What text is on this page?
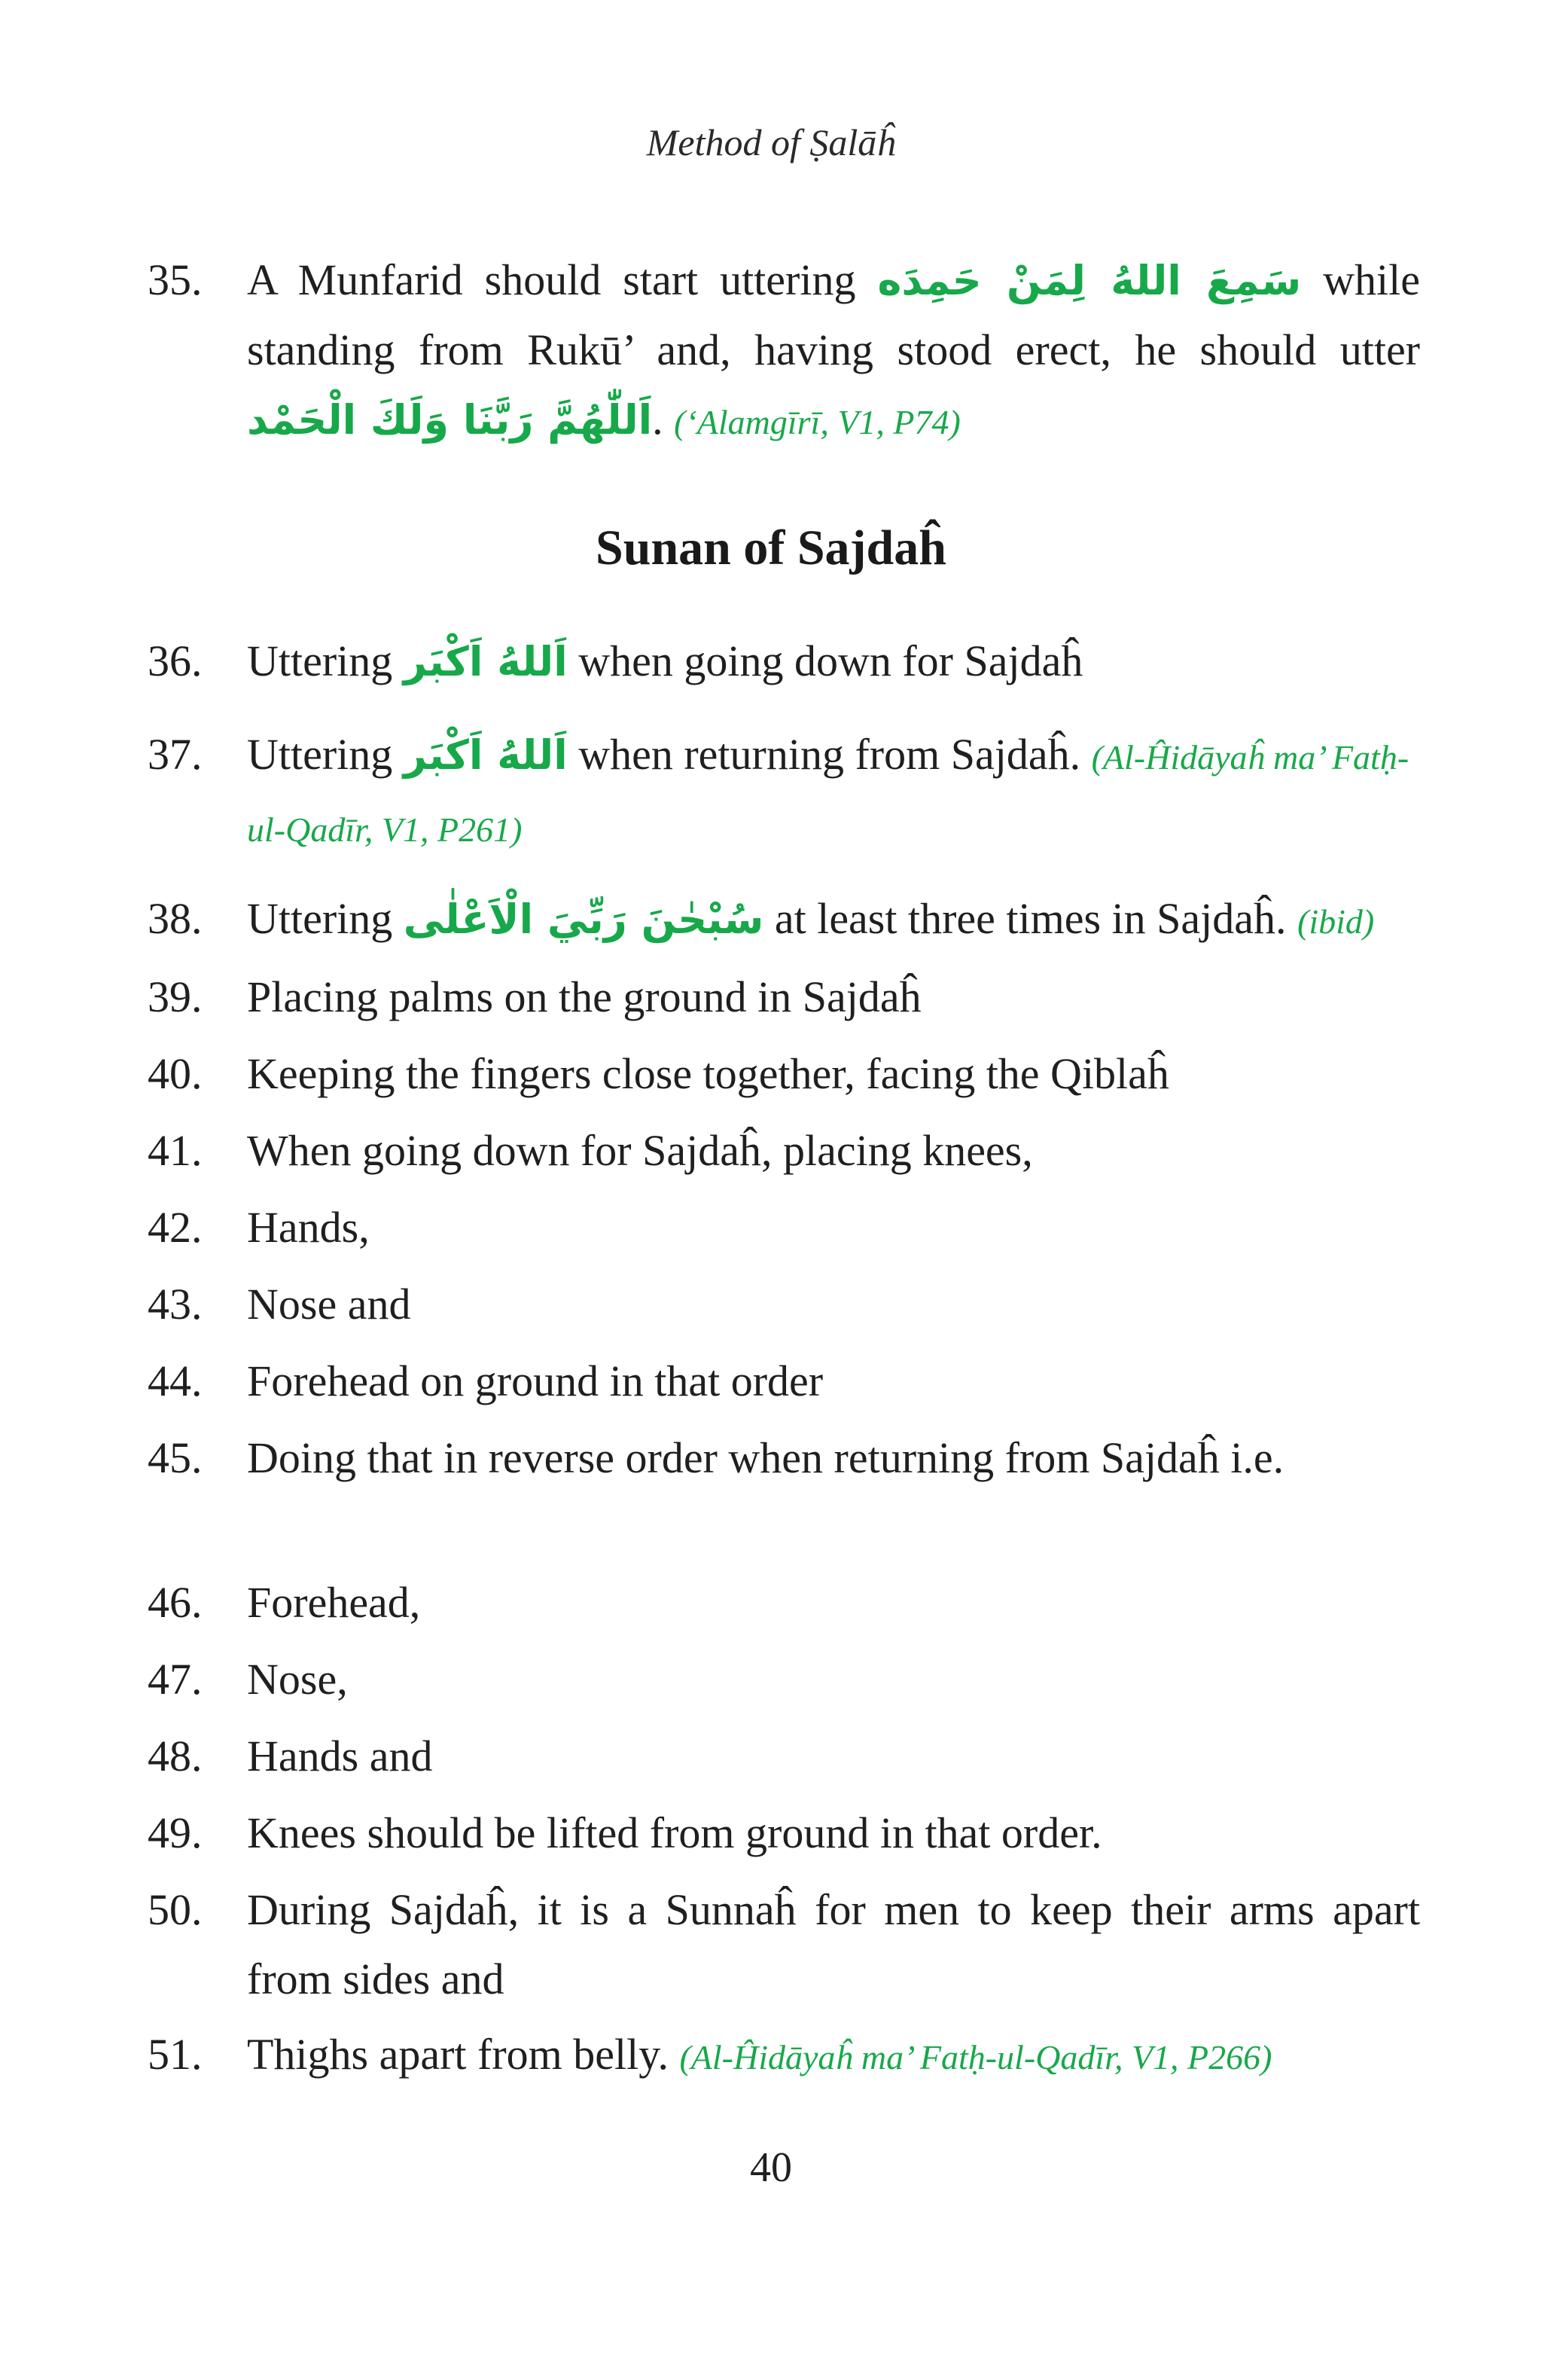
Method of Ṣalāĥ
35.	A Munfarid should start uttering سَمِعَ اللهُ لِمَنْ حَمِدَه while standing from Rukū’ and, having stood erect, he should utter اَللّٰهُمَّ رَبَّنَا وَلَكَ الْحَمْد. (‘Alamgīrī, V1, P74)
Sunan of Sajdaĥ
36.	Uttering اَللهُ اَكْبَر when going down for Sajdaĥ
37.	Uttering اَللهُ اَكْبَر when returning from Sajdaĥ. (Al-Ĥidāyaĥ ma’ Fatḥ-ul-Qadīr, V1, P261)
38.	Uttering سُبْحٰنَ رَبِّيَ الْاَعْلٰى at least three times in Sajdaĥ. (ibid)
39.	Placing palms on the ground in Sajdaĥ
40.	Keeping the fingers close together, facing the Qiblaĥ
41.	When going down for Sajdaĥ, placing knees,
42.	Hands,
43.	Nose and
44.	Forehead on ground in that order
45.	Doing that in reverse order when returning from Sajdaĥ i.e.
46.	Forehead,
47.	Nose,
48.	Hands and
49.	Knees should be lifted from ground in that order.
50.	During Sajdaĥ, it is a Sunnaĥ for men to keep their arms apart from sides and
51.	Thighs apart from belly. (Al-Ĥidāyaĥ ma’ Fatḥ-ul-Qadīr, V1, P266)
40
